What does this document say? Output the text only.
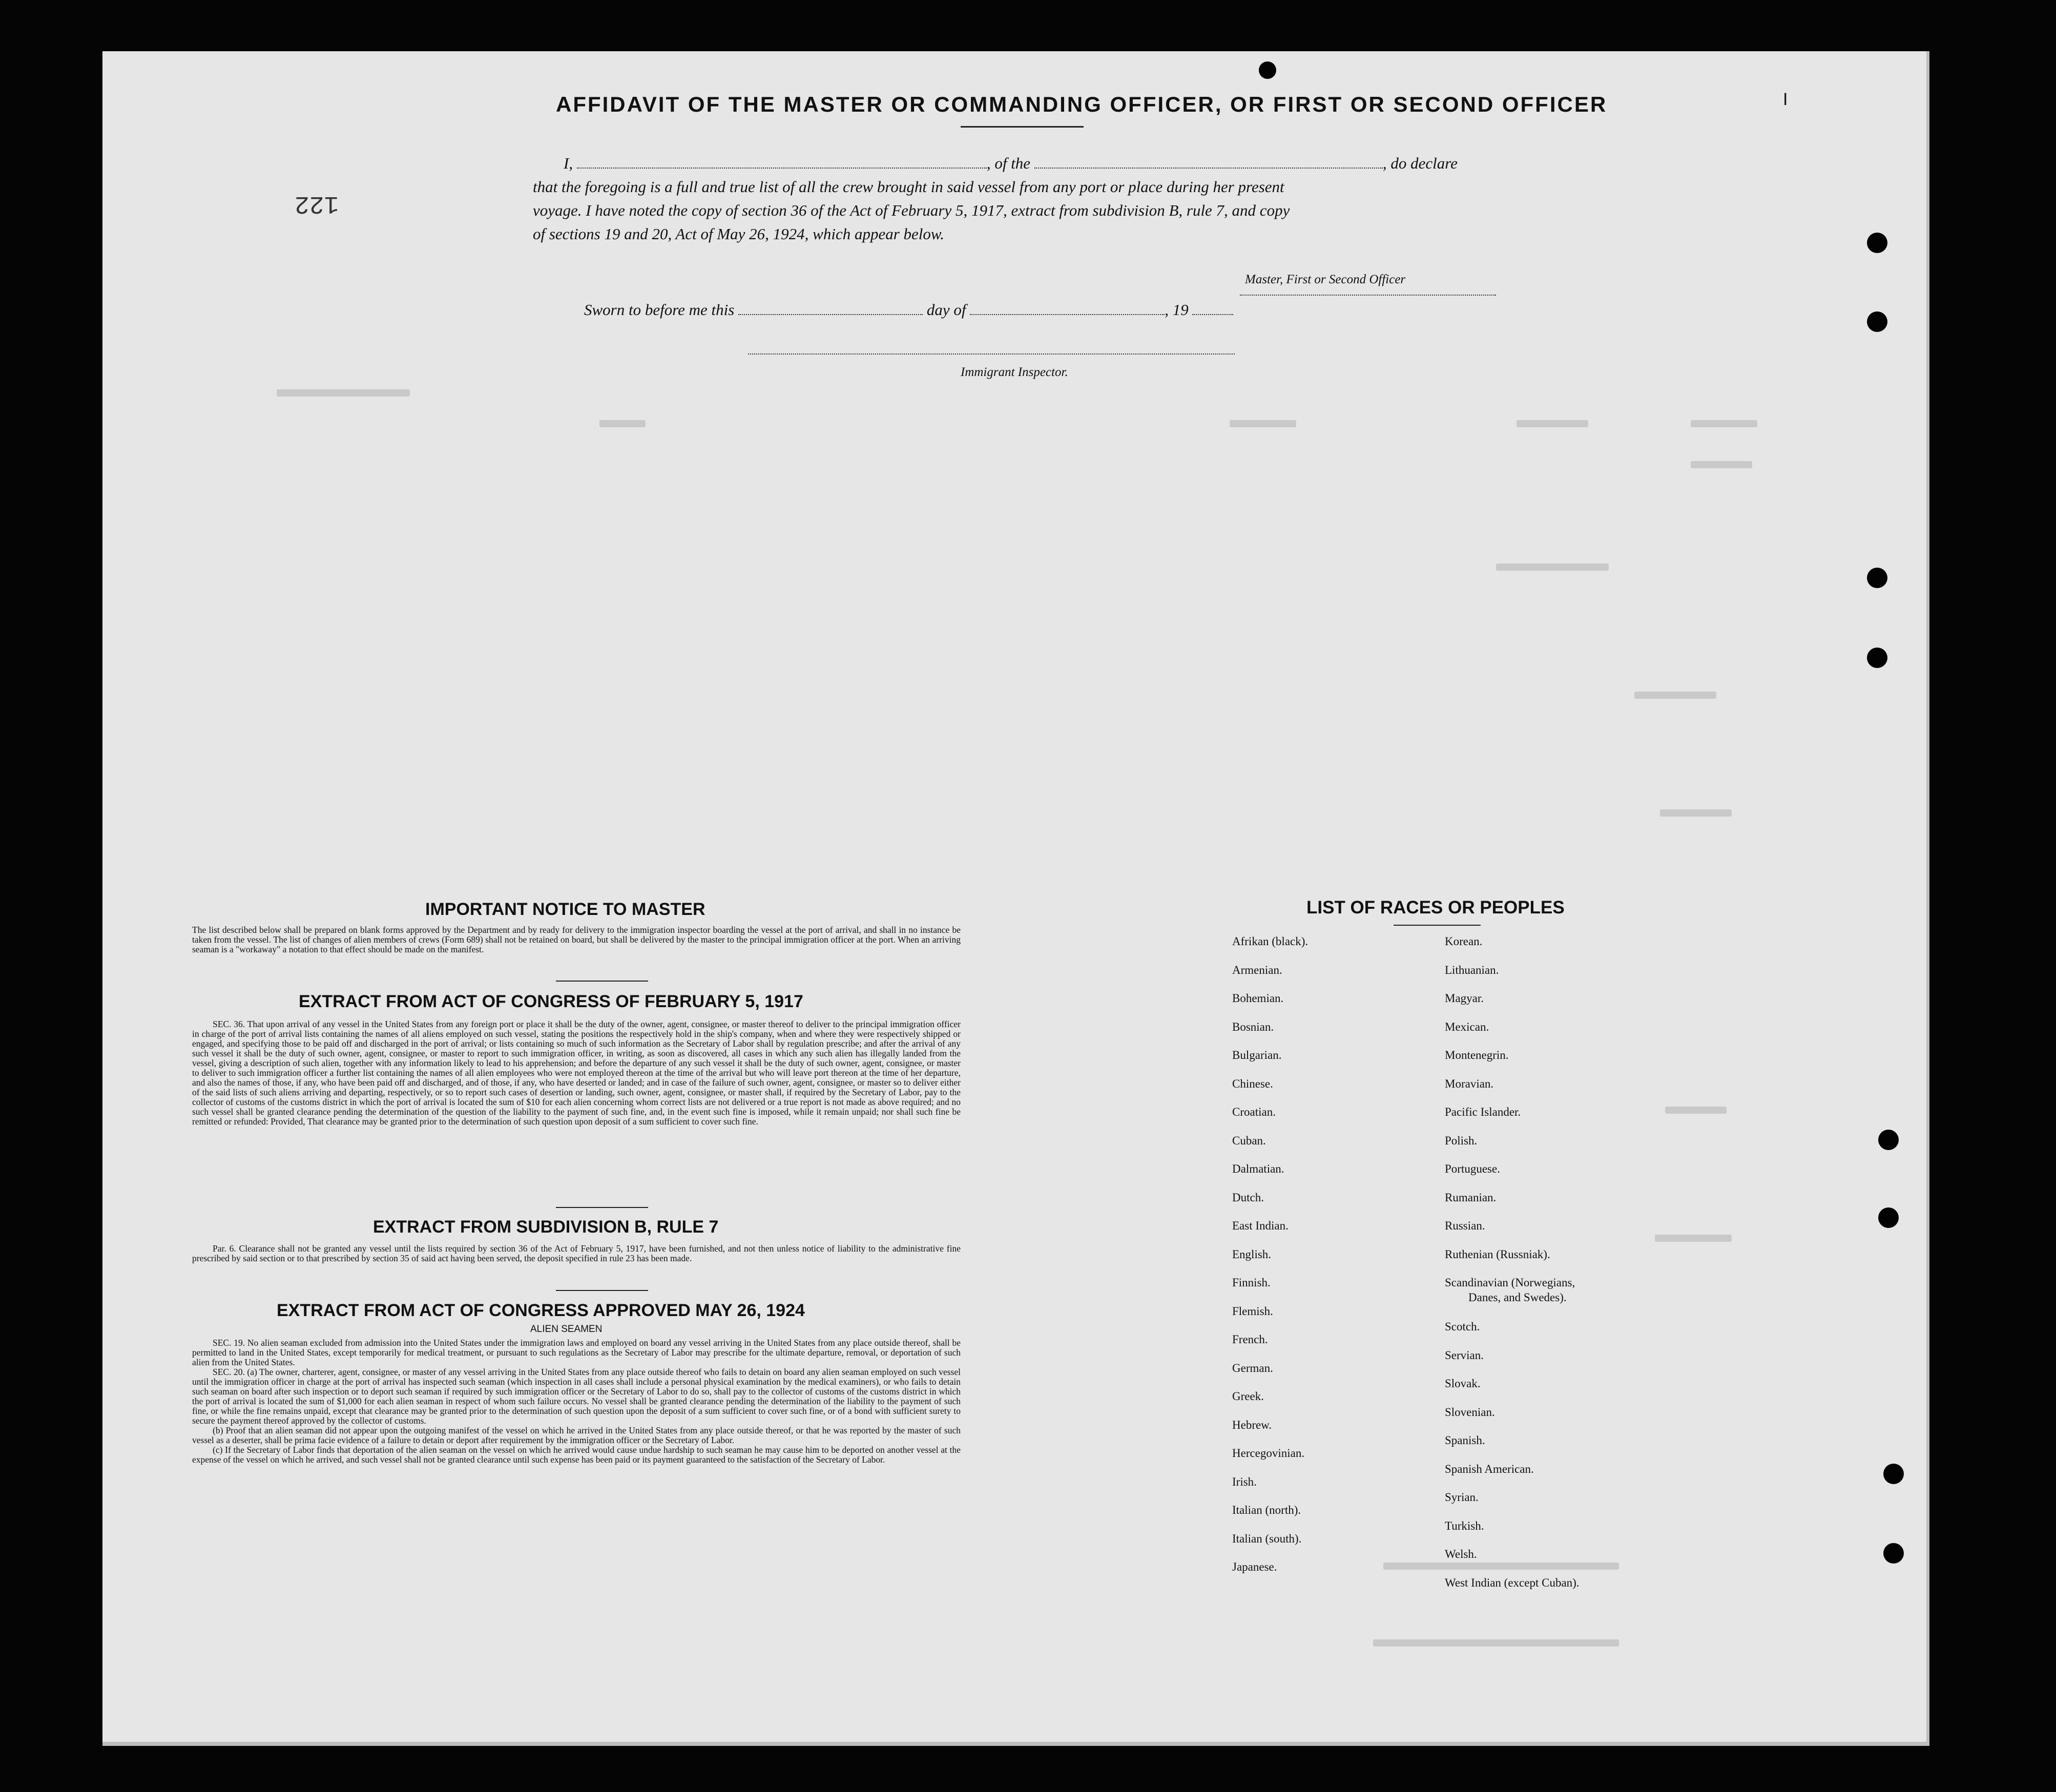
122
I
AFFIDAVIT OF THE MASTER OR COMMANDING OFFICER, OR FIRST OR SECOND OFFICER
I,	, of the	, do declare
that the foregoing is a full and true list of all the crew brought in said vessel from any port or place during her present
voyage. I have noted the copy of section 36 of the Act of February 5, 1917, extract from subdivision B, rule 7, and copy
of sections 19 and 20, Act of May 26, 1924, which appear below.
Master, First or Second Officer
Sworn to before me this	day of	, 19
Immigrant Inspector.
IMPORTANT NOTICE TO MASTER
The list described below shall be prepared on blank forms approved by the Department and by ready for delivery to the immigration inspector boarding the vessel at the port of arrival, and shall in no instance be taken from the vessel. The list of changes of alien members of crews (Form 689) shall not be retained on board, but shall be delivered by the master to the principal immigration officer at the port. When an arriving seaman is a "workaway" a notation to that effect should be made on the manifest.
EXTRACT FROM ACT OF CONGRESS OF FEBRUARY 5, 1917
SEC. 36. That upon arrival of any vessel in the United States from any foreign port or place it shall be the duty of the owner, agent, consignee, or master thereof to deliver to the principal immigration officer in charge of the port of arrival lists containing the names of all aliens employed on such vessel, stating the positions the respectively hold in the ship's company, when and where they were respectively shipped or engaged, and specifying those to be paid off and discharged in the port of arrival; or lists containing so much of such information as the Secretary of Labor shall by regulation prescribe; and after the arrival of any such vessel it shall be the duty of such owner, agent, consignee, or master to report to such immigration officer, in writing, as soon as discovered, all cases in which any such alien has illegally landed from the vessel, giving a description of such alien, together with any information likely to lead to his apprehension; and before the departure of any such vessel it shall be the duty of such owner, agent, consignee, or master to deliver to such immigration officer a further list containing the names of all alien employees who were not employed thereon at the time of the arrival but who will leave port thereon at the time of her departure, and also the names of those, if any, who have been paid off and discharged, and of those, if any, who have deserted or landed; and in case of the failure of such owner, agent, consignee, or master so to deliver either of the said lists of such aliens arriving and departing, respectively, or so to report such cases of desertion or landing, such owner, agent, consignee, or master shall, if required by the Secretary of Labor, pay to the collector of customs of the customs district in which the port of arrival is located the sum of $10 for each alien concerning whom correct lists are not delivered or a true report is not made as above required; and no such vessel shall be granted clearance pending the determination of the question of the liability to the payment of such fine, and, in the event such fine is imposed, while it remain unpaid; nor shall such fine be remitted or refunded: Provided, That clearance may be granted prior to the determination of such question upon deposit of a sum sufficient to cover such fine.
EXTRACT FROM SUBDIVISION B, RULE 7
Par. 6. Clearance shall not be granted any vessel until the lists required by section 36 of the Act of February 5, 1917, have been furnished, and not then unless notice of liability to the administrative fine prescribed by said section or to that prescribed by section 35 of said act having been served, the deposit specified in rule 23 has been made.
EXTRACT FROM ACT OF CONGRESS APPROVED MAY 26, 1924
ALIEN SEAMEN
SEC. 19. No alien seaman excluded from admission into the United States under the immigration laws and employed on board any vessel arriving in the United States from any place outside thereof, shall be permitted to land in the United States, except temporarily for medical treatment, or pursuant to such regulations as the Secretary of Labor may prescribe for the ultimate departure, removal, or deportation of such alien from the United States.
SEC. 20. (a) The owner, charterer, agent, consignee, or master of any vessel arriving in the United States from any place outside thereof who fails to detain on board any alien seaman employed on such vessel until the immigration officer in charge at the port of arrival has inspected such seaman (which inspection in all cases shall include a personal physical examination by the medical examiners), or who fails to detain such seaman on board after such inspection or to deport such seaman if required by such immigration officer or the Secretary of Labor to do so, shall pay to the collector of customs of the customs district in which the port of arrival is located the sum of $1,000 for each alien seaman in respect of whom such failure occurs. No vessel shall be granted clearance pending the determination of the liability to the payment of such fine, or while the fine remains unpaid, except that clearance may be granted prior to the determination of such question upon the deposit of a sum sufficient to cover such fine, or of a bond with sufficient surety to secure the payment thereof approved by the collector of customs.
(b) Proof that an alien seaman did not appear upon the outgoing manifest of the vessel on which he arrived in the United States from any place outside thereof, or that he was reported by the master of such vessel as a deserter, shall be prima facie evidence of a failure to detain or deport after requirement by the immigration officer or the Secretary of Labor.
(c) If the Secretary of Labor finds that deportation of the alien seaman on the vessel on which he arrived would cause undue hardship to such seaman he may cause him to be deported on another vessel at the expense of the vessel on which he arrived, and such vessel shall not be granted clearance until such expense has been paid or its payment guaranteed to the satisfaction of the Secretary of Labor.
LIST OF RACES OR PEOPLES
Afrikan (black).
Armenian.
Bohemian.
Bosnian.
Bulgarian.
Chinese.
Croatian.
Cuban.
Dalmatian.
Dutch.
East Indian.
English.
Finnish.
Flemish.
French.
German.
Greek.
Hebrew.
Hercegovinian.
Irish.
Italian (north).
Italian (south).
Japanese.
Korean.
Lithuanian.
Magyar.
Mexican.
Montenegrin.
Moravian.
Pacific Islander.
Polish.
Portuguese.
Rumanian.
Russian.
Ruthenian (Russniak).
Scandinavian (Norwegians,
Danes, and Swedes).
Scotch.
Servian.
Slovak.
Slovenian.
Spanish.
Spanish American.
Syrian.
Turkish.
Welsh.
West Indian (except Cuban).
